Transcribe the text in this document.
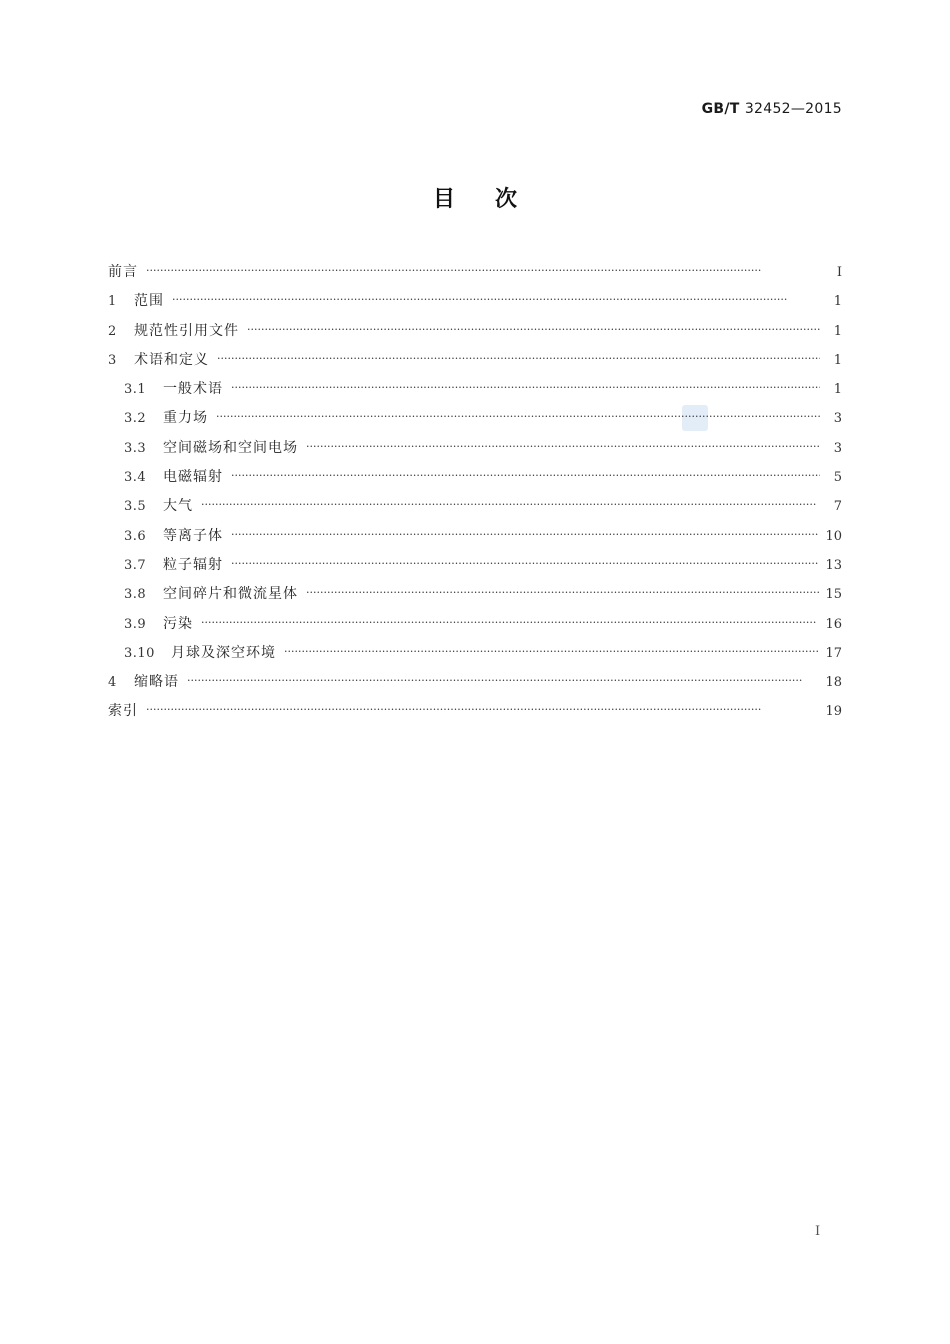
GB/T 32452—2015
目次
前言 ·····	Ⅰ
1	范围 ·····	1
2	规范性引用文件 ·····	1
3	术语和定义 ·····	1
3.1	一般术语 ·····	1
3.2	重力场 ·····	3
3.3	空间磁场和空间电场 ·····	3
3.4	电磁辐射 ·····	5
3.5	大气 ·····	7
3.6	等离子体 ·····	10
3.7	粒子辐射 ·····	13
3.8	空间碎片和微流星体 ·····	15
3.9	污染 ·····	16
3.10	月球及深空环境 ·····	17
4	缩略语 ·····	18
索引 ·····	19
Ⅰ
